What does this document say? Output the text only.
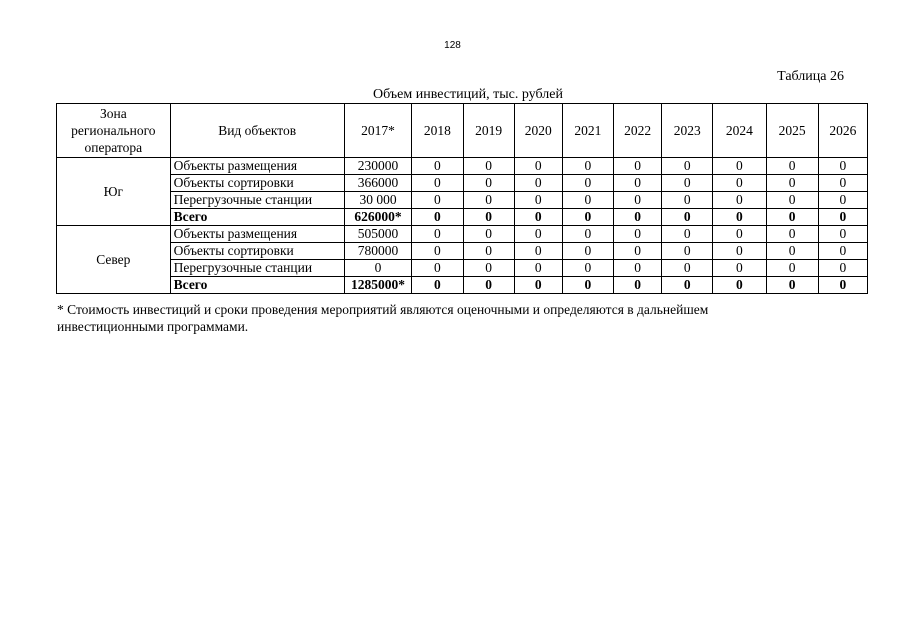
128
Таблица 26
Объем инвестиций, тыс. рублей
Зона регионального оператора	Вид объектов	2017*	2018	2019	2020	2021	2022	2023	2024	2025	2026
Юг	Объекты размещения	230000	0	0	0	0	0	0	0	0	0
	Объекты сортировки	366000	0	0	0	0	0	0	0	0	0
	Перегрузочные станции	30 000	0	0	0	0	0	0	0	0	0
	Всего	626000*	0	0	0	0	0	0	0	0	0
Север	Объекты размещения	505000	0	0	0	0	0	0	0	0	0
	Объекты сортировки	780000	0	0	0	0	0	0	0	0	0
	Перегрузочные станции	0	0	0	0	0	0	0	0	0	0
	Всего	1285000*	0	0	0	0	0	0	0	0	0
* Стоимость инвестиций и сроки проведения мероприятий являются оценочными и определяются в дальнейшем
инвестиционными программами.
